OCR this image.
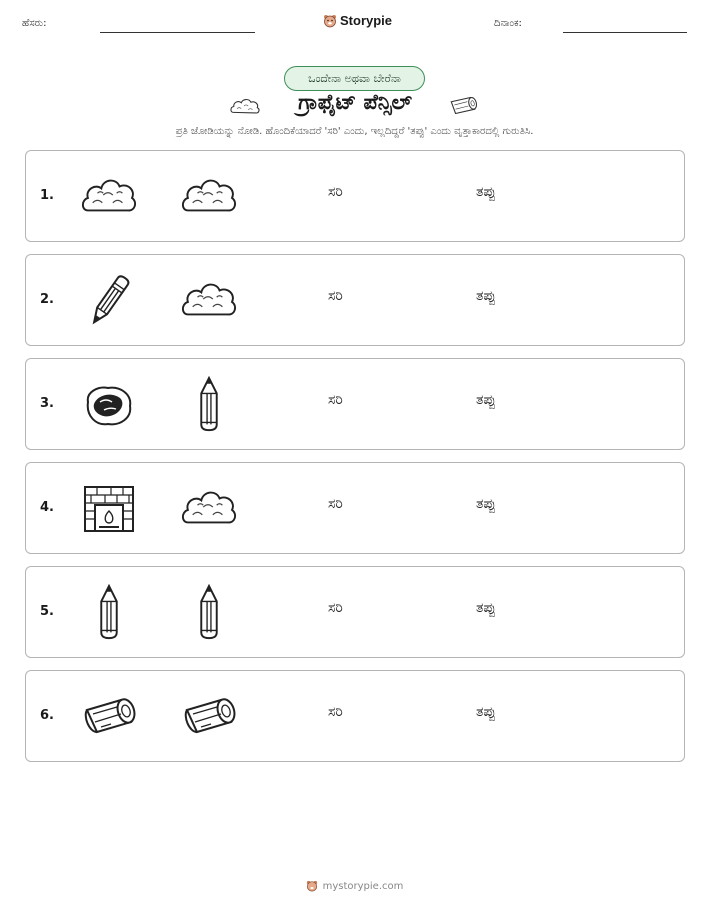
ಹೆಸರು:	Storypie	ದಿನಾಂಕ:
ಒಂದೇನಾ ಅಥವಾ ಬೇರೆನಾ
ಗ್ರಾಫೈಟ್ ಪೆನ್ಸಿಲ್
ಪ್ರತಿ ಜೋಡಿಯನ್ನು ನೋಡಿ. ಹೊಂದಿಕೆಯಾದರೆ 'ಸರಿ' ಎಂದು, ಇಲ್ಲದಿದ್ದರೆ 'ತಪ್ಪು' ಎಂದು ವೃತ್ತಾಕಾರದಲ್ಲಿ ಗುರುತಿಸಿ.
1.	ಸರಿ	ತಪ್ಪು
2.	ಸರಿ	ತಪ್ಪು
3.	ಸರಿ	ತಪ್ಪು
4.	ಸರಿ	ತಪ್ಪು
5.	ಸರಿ	ತಪ್ಪು
6.	ಸರಿ	ತಪ್ಪು
mystorypie.com
